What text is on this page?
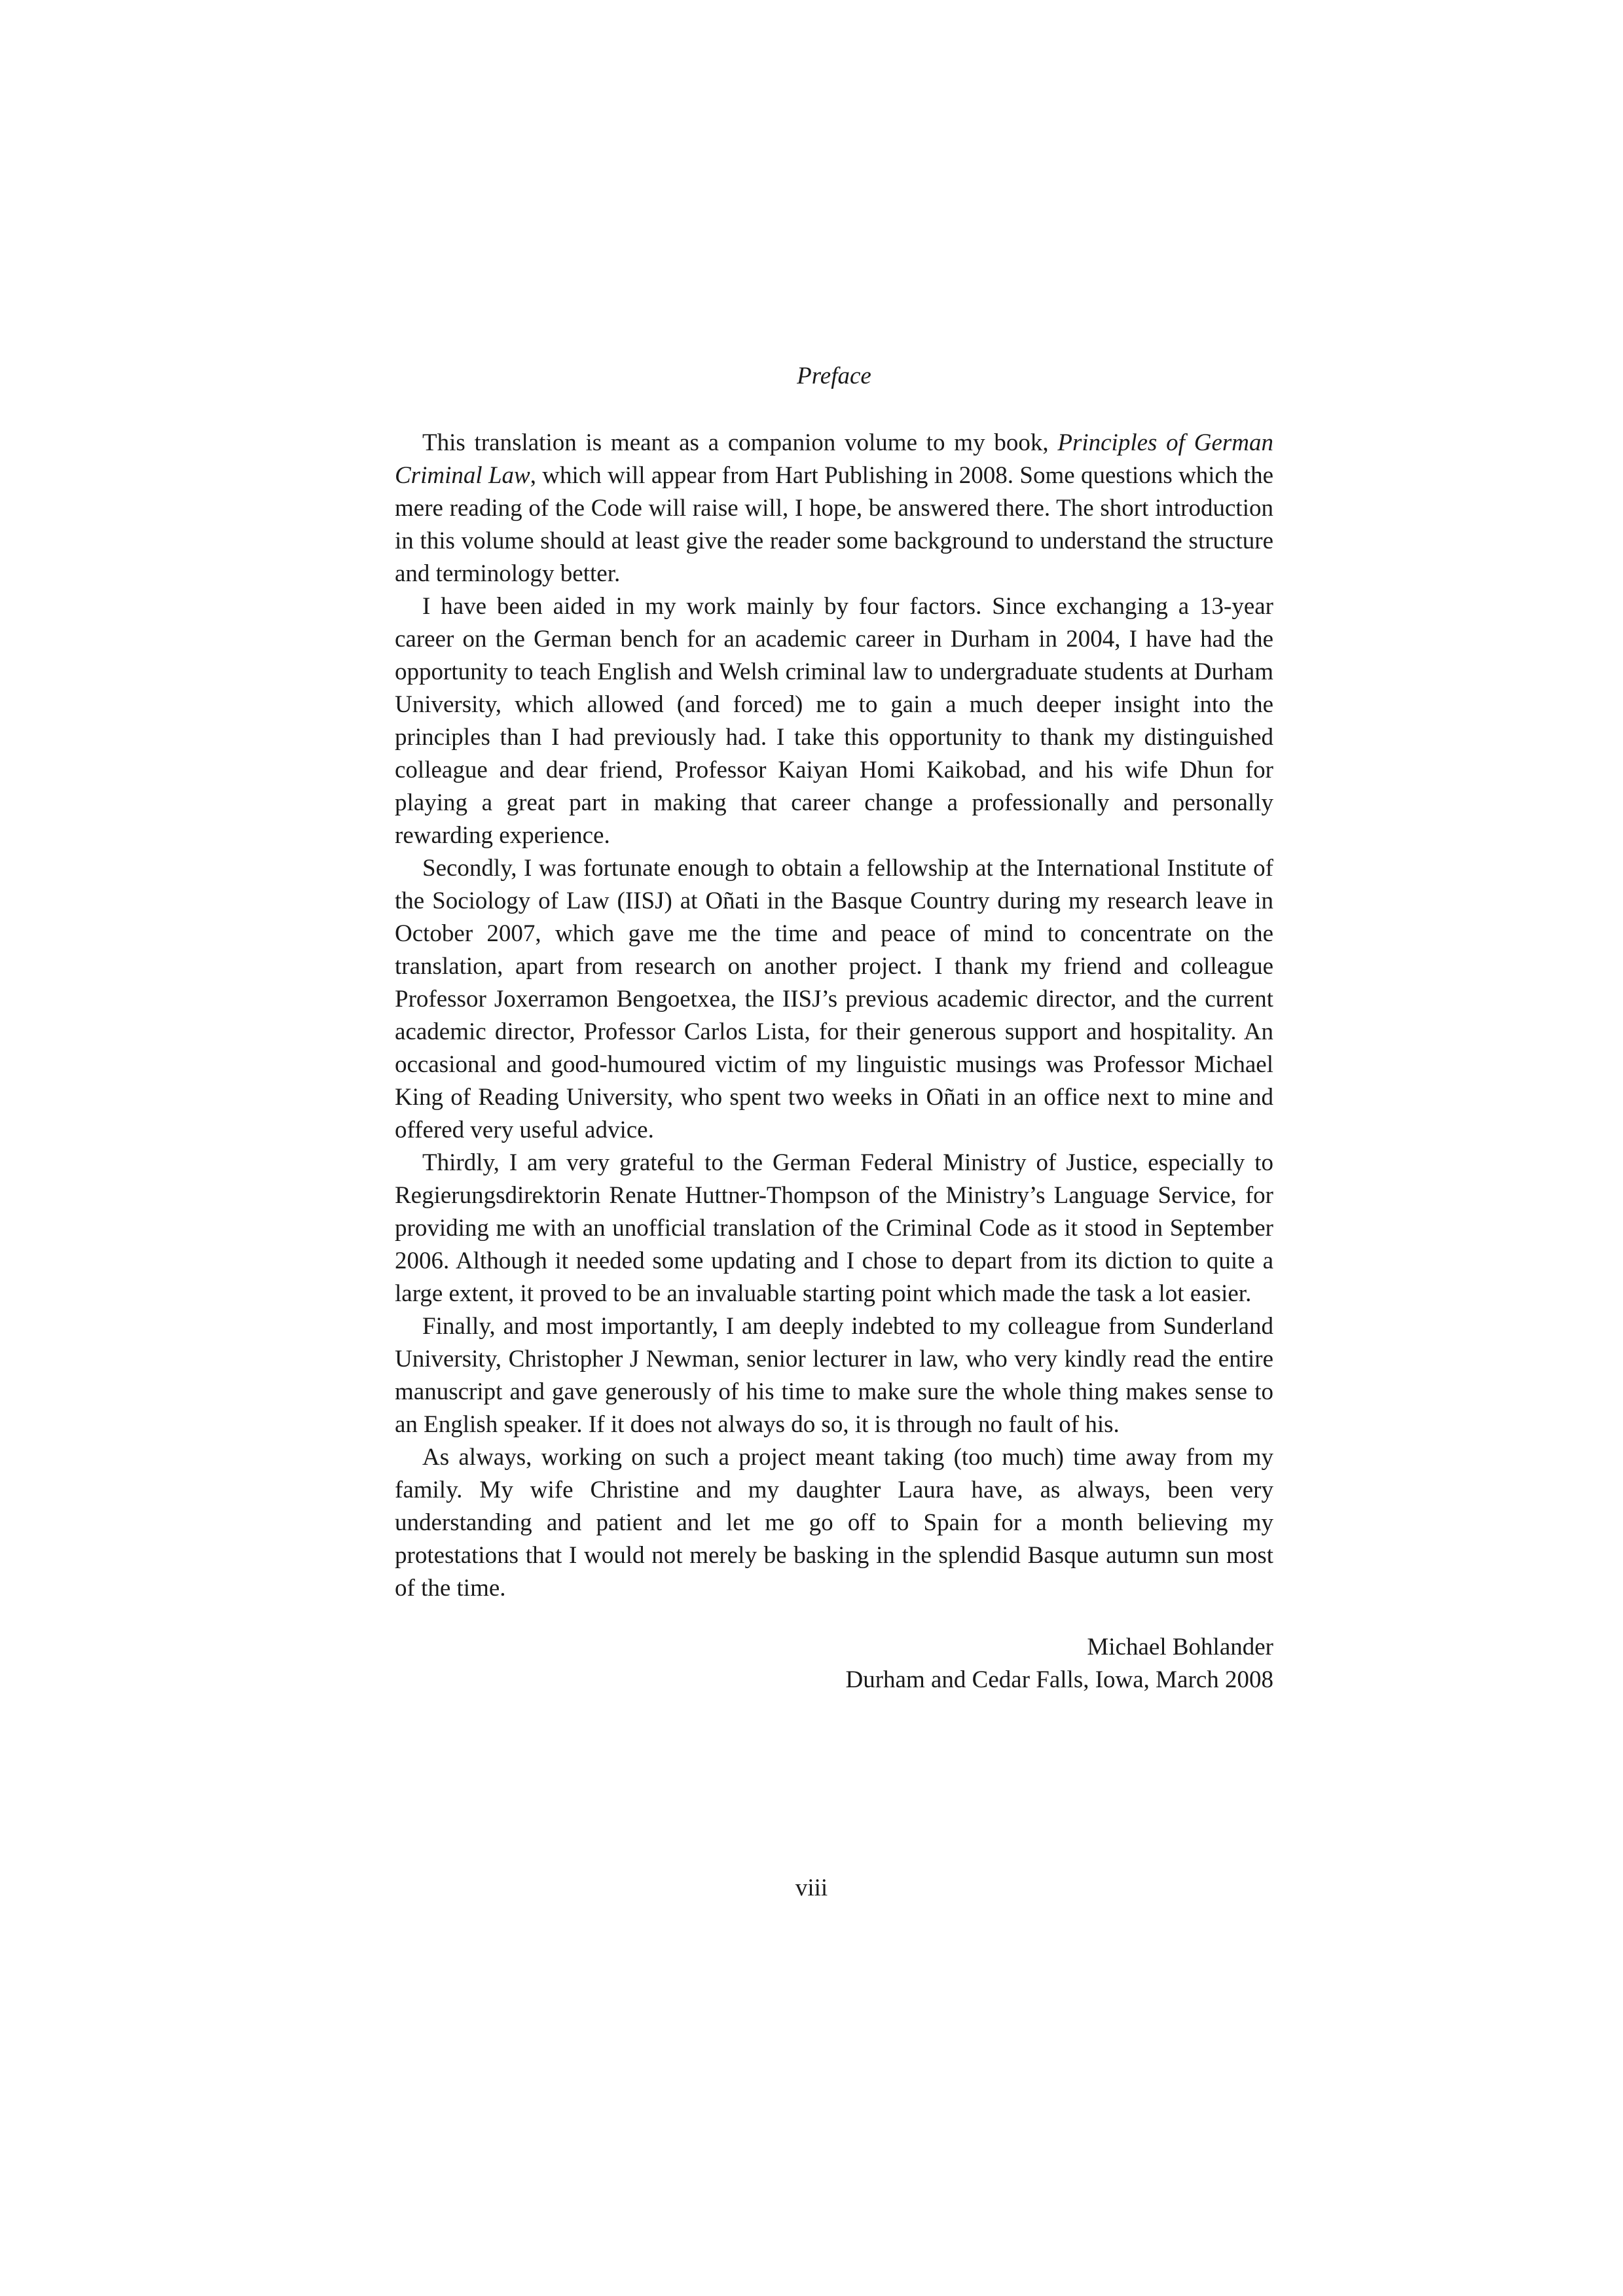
Preface

This translation is meant as a companion volume to my book, Principles of German Criminal Law, which will appear from Hart Publishing in 2008. Some questions which the mere reading of the Code will raise will, I hope, be answered there. The short introduction in this volume should at least give the reader some background to understand the structure and terminology better.

I have been aided in my work mainly by four factors. Since exchanging a 13-year career on the German bench for an academic career in Durham in 2004, I have had the opportunity to teach English and Welsh criminal law to undergraduate students at Durham University, which allowed (and forced) me to gain a much deeper insight into the principles than I had previously had. I take this opportunity to thank my distinguished colleague and dear friend, Professor Kaiyan Homi Kaikobad, and his wife Dhun for playing a great part in making that career change a professionally and personally rewarding experience.

Secondly, I was fortunate enough to obtain a fellowship at the International Institute of the Sociology of Law (IISJ) at Oñati in the Basque Country during my research leave in October 2007, which gave me the time and peace of mind to concentrate on the translation, apart from research on another project. I thank my friend and colleague Professor Joxerramon Bengoetxea, the IISJ’s previous academic director, and the current academic director, Professor Carlos Lista, for their generous support and hospitality. An occasional and good-humoured victim of my linguistic musings was Professor Michael King of Reading University, who spent two weeks in Oñati in an office next to mine and offered very useful advice.

Thirdly, I am very grateful to the German Federal Ministry of Justice, especially to Regierungsdirektorin Renate Huttner-Thompson of the Ministry’s Language Service, for providing me with an unofficial translation of the Criminal Code as it stood in September 2006. Although it needed some updating and I chose to depart from its diction to quite a large extent, it proved to be an invaluable starting point which made the task a lot easier.

Finally, and most importantly, I am deeply indebted to my colleague from Sunderland University, Christopher J Newman, senior lecturer in law, who very kindly read the entire manuscript and gave generously of his time to make sure the whole thing makes sense to an English speaker. If it does not always do so, it is through no fault of his.

As always, working on such a project meant taking (too much) time away from my family. My wife Christine and my daughter Laura have, as always, been very understanding and patient and let me go off to Spain for a month believing my protestations that I would not merely be basking in the splendid Basque autumn sun most of the time.

Michael Bohlander
Durham and Cedar Falls, Iowa, March 2008
viii
